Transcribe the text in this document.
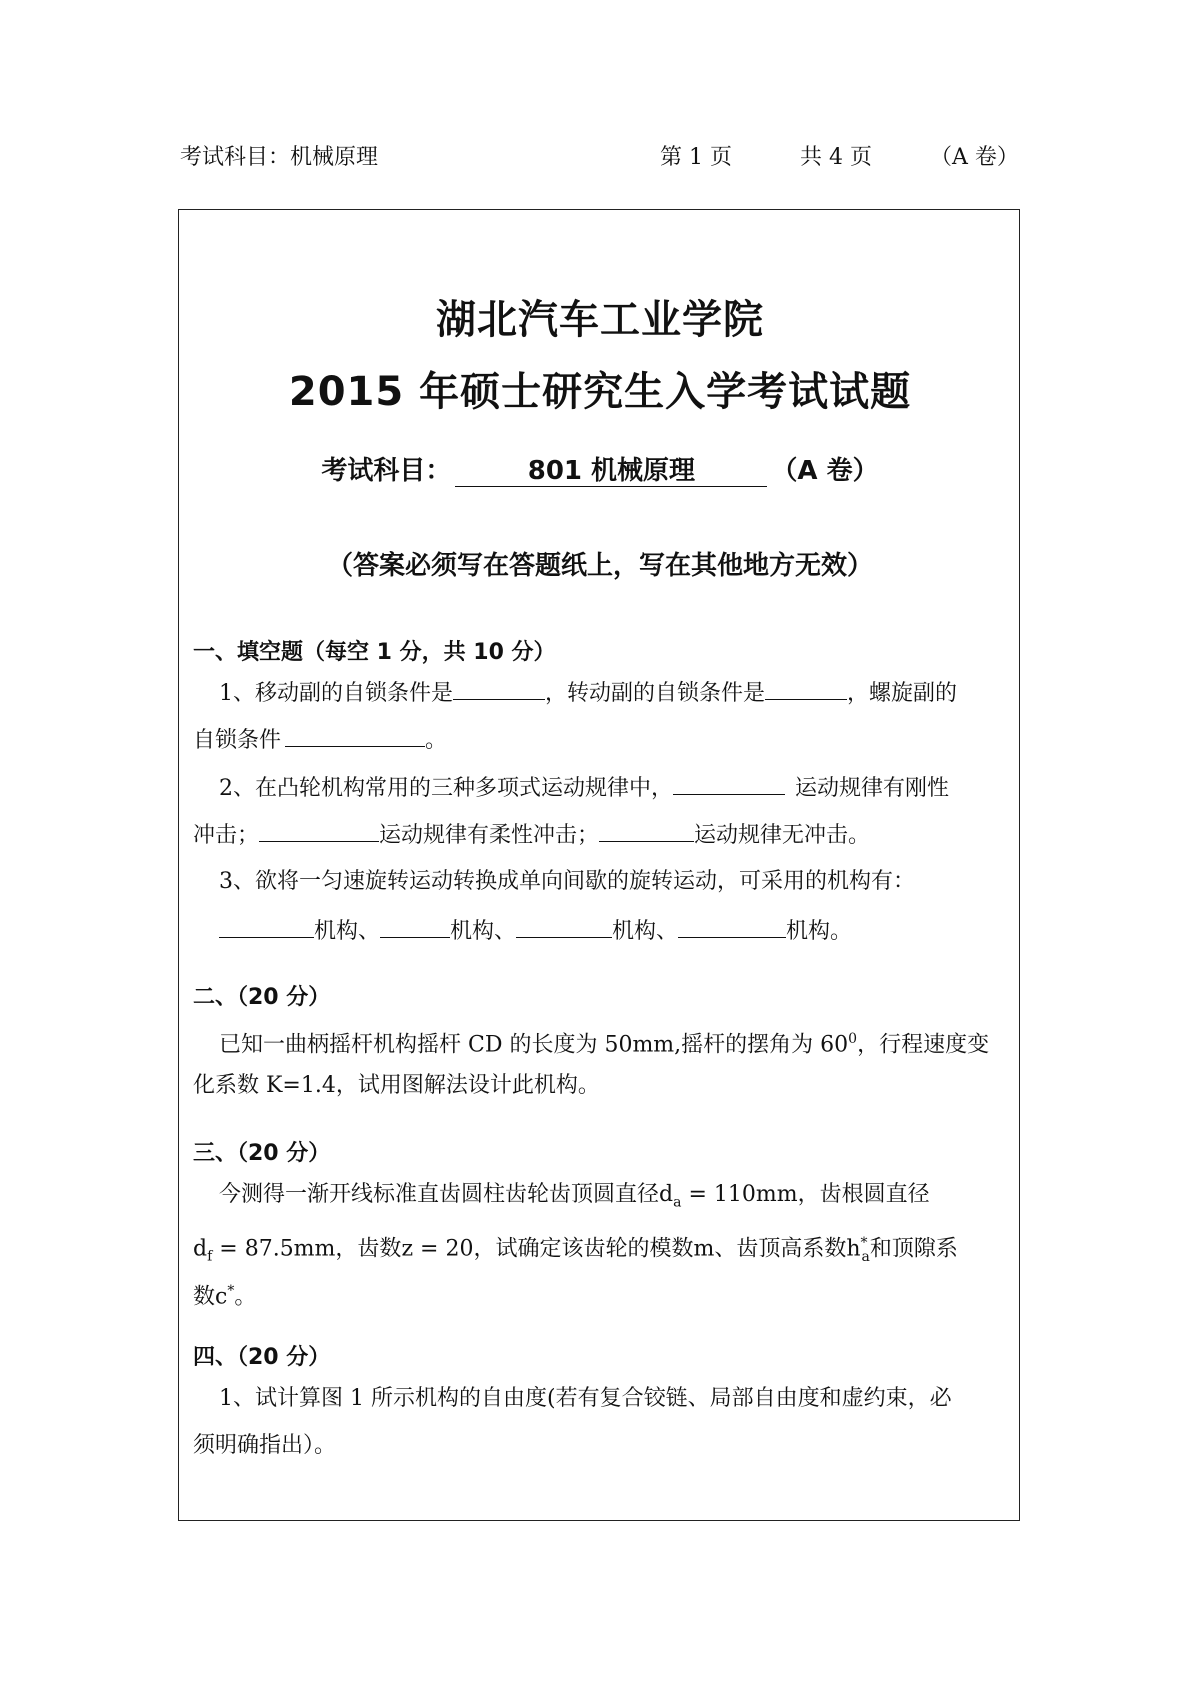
考试科目：机械原理	第 1 页	共 4 页	（A 卷）
湖北汽车工业学院
2015 年硕士研究生入学考试试题
考试科目：	801 机械原理	（A 卷）
（答案必须写在答题纸上，写在其他地方无效）
一、填空题（每空 1 分，共 10 分）
1、移动副的自锁条件是	，转动副的自锁条件是	，螺旋副的
自锁条件	。
2、在凸轮机构常用的三种多项式运动规律中，	运动规律有刚性
冲击；	运动规律有柔性冲击；	运动规律无冲击。
3、欲将一匀速旋转运动转换成单向间歇的旋转运动，可采用的机构有：
机构、	机构、	机构、	机构。
二、（20 分）
已知一曲柄摇杆机构摇杆 CD 的长度为 50mm,摇杆的摆角为 $60^0$，行程速度变
化系数 K=1.4，试用图解法设计此机构。
三、（20 分）
今测得一渐开线标准直齿圆柱齿轮齿顶圆直径$d_a = 110mm$，齿根圆直径
$d_f = 87.5mm$，齿数z = 20，试确定该齿轮的模数m、齿顶高系数$h^*_a$和顶隙系
数c*。
四、（20 分）
1、试计算图 1 所示机构的自由度(若有复合铰链、局部自由度和虚约束，必
须明确指出）。
